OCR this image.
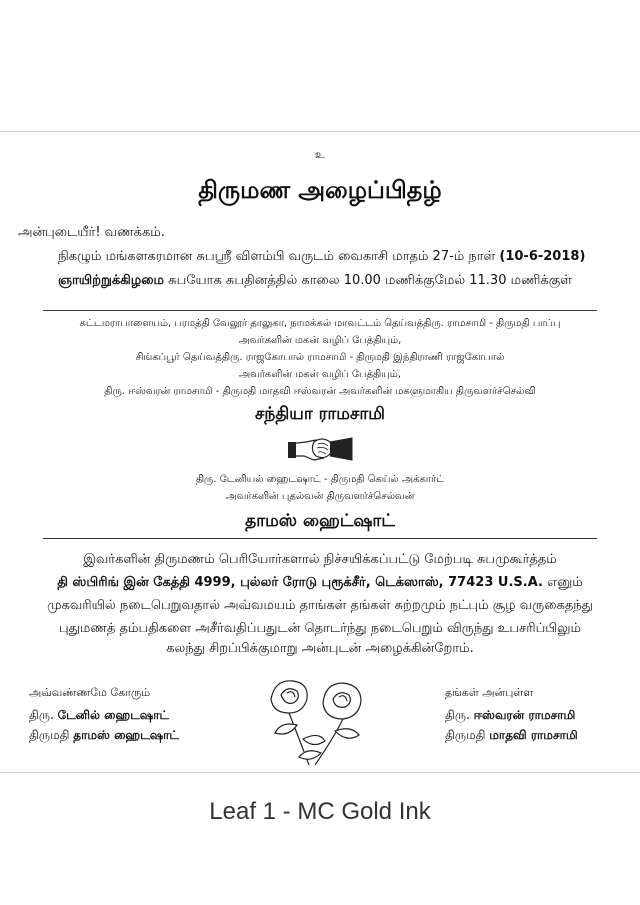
உ
திருமண அழைப்பிதழ்
அன்புடையீர்! வணக்கம்.
நிகழும் மங்களகரமான சுபஸ்ரீ விளம்பி வருடம் வைகாசி மாதம் 27-ம் நாள் (10-6-2018)
ஞாயிற்றுக்கிழமை சுபயோக சுபதினத்தில் காலை 10.00 மணிக்குமேல் 11.30 மணிக்குள்
கட்டமராபாளையம், பரமத்தி வேலூர் தாலுகா, நாமக்கல் மாவட்டம் தெய்வத்திரு. ராமசாமி - திருமதி பாப்பு
அவர்களின் மகன் வழிப் பேத்தியும்,
சிங்கப்பூர் தெய்வத்திரு. ராஜகோபால் ராமசாமி - திருமதி இந்திராணி ராஜகோபால்
அவர்களின் மகள் வழிப் பேத்தியும்,
திரு. ஈஸ்வரன் ராமசாமி - திருமதி மாதவி ஈஸ்வரன் அவர்களின் மகளுமாகிய திருவளர்ச்செல்வி
சந்தியா ராமசாமி
திரு. டேனியல் ஹைடஷாட் - திருமதி கெய்ல் அக்கார்ட்
அவர்களின் புதல்வன் திருவளர்ச்செல்வன்
தாமஸ் ஹைட்ஷாட்
இவர்களின் திருமணம் பெரியோர்களால் நிச்சயிக்கப்பட்டு மேற்படி சுபமுகூர்த்தம்
தி ஸ்பிரிங் இன் கேத்தி 4999, புல்லர் ரோடு புரூக்சீர், டெக்ஸாஸ், 77423 U.S.A. எனும்
முகவரியில் நடைபெறுவதால் அவ்வமயம் தாங்கள் தங்கள் சுற்றமும் நட்பும் சூழ வருகைதந்து
புதுமணத் தம்பதிகளை அசீர்வதிப்பதுடன் தொடர்ந்து நடைபெறும் விருந்து உபசரிப்பிலும்
கலந்து சிறப்பிக்குமாறு அன்புடன் அழைக்கின்றோம்.
அவ்வண்ணமே கோரும்
திரு. டேனில் ஹைடஷாட்
திருமதி தாமஸ் ஹைடஷாட்
தங்கள் அன்புள்ள
திரு. ஈஸ்வரன் ராமசாமி
திருமதி மாதவி ராமசாமி
Leaf 1 - MC Gold Ink
